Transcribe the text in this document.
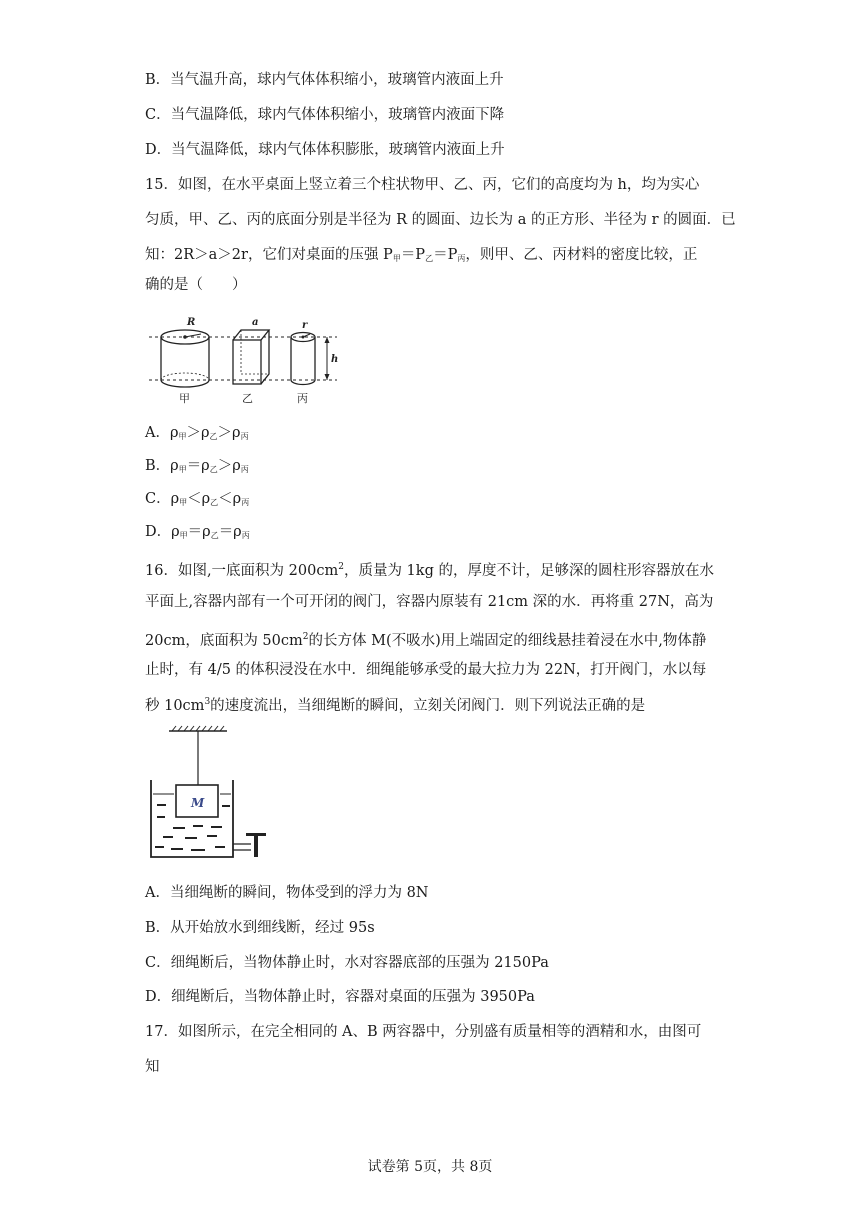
B．当气温升高，球内气体体积缩小，玻璃管内液面上升
C．当气温降低，球内气体体积缩小，玻璃管内液面下降
D．当气温降低，球内气体体积膨胀，玻璃管内液面上升
15．如图，在水平桌面上竖立着三个柱状物甲、乙、丙，它们的高度均为 h，均为实心
匀质，甲、乙、丙的底面分别是半径为 R 的圆面、边长为 a 的正方形、半径为 r 的圆面．已
知：2R＞a＞2r，它们对桌面的压强 $P_甲=P_乙=P_丙$，则甲、乙、丙材料的密度比较，正
确的是（　　）
R	a	r
h
甲	乙	丙
A．$\rho_甲>\rho_乙>\rho_丙$
B．$\rho_甲=\rho_乙>\rho_丙$
C．$\rho_甲<\rho_乙<\rho_丙$
D．$\rho_甲=\rho_乙=\rho_丙$
16．如图,一底面积为 $200cm^2$，质量为 1kg 的，厚度不计，足够深的圆柱形容器放在水
平面上,容器内部有一个可开闭的阀门，容器内原装有 21cm 深的水．再将重 27N，高为
20cm，底面积为 $50cm^2$的长方体 M(不吸水)用上端固定的细线悬挂着浸在水中,物体静
止时，有 4/5 的体积浸没在水中．细绳能够承受的最大拉力为 22N，打开阀门，水以每
秒 $10cm^3$的速度流出，当细绳断的瞬间，立刻关闭阀门．则下列说法正确的是
M
A．当细绳断的瞬间，物体受到的浮力为 8N
B．从开始放水到细线断，经过 95s
C．细绳断后，当物体静止时，水对容器底部的压强为 2150Pa
D．细绳断后，当物体静止时，容器对桌面的压强为 3950Pa
17．如图所示，在完全相同的 A、B 两容器中，分别盛有质量相等的酒精和水，由图可
知
试卷第 5页，共 8页
